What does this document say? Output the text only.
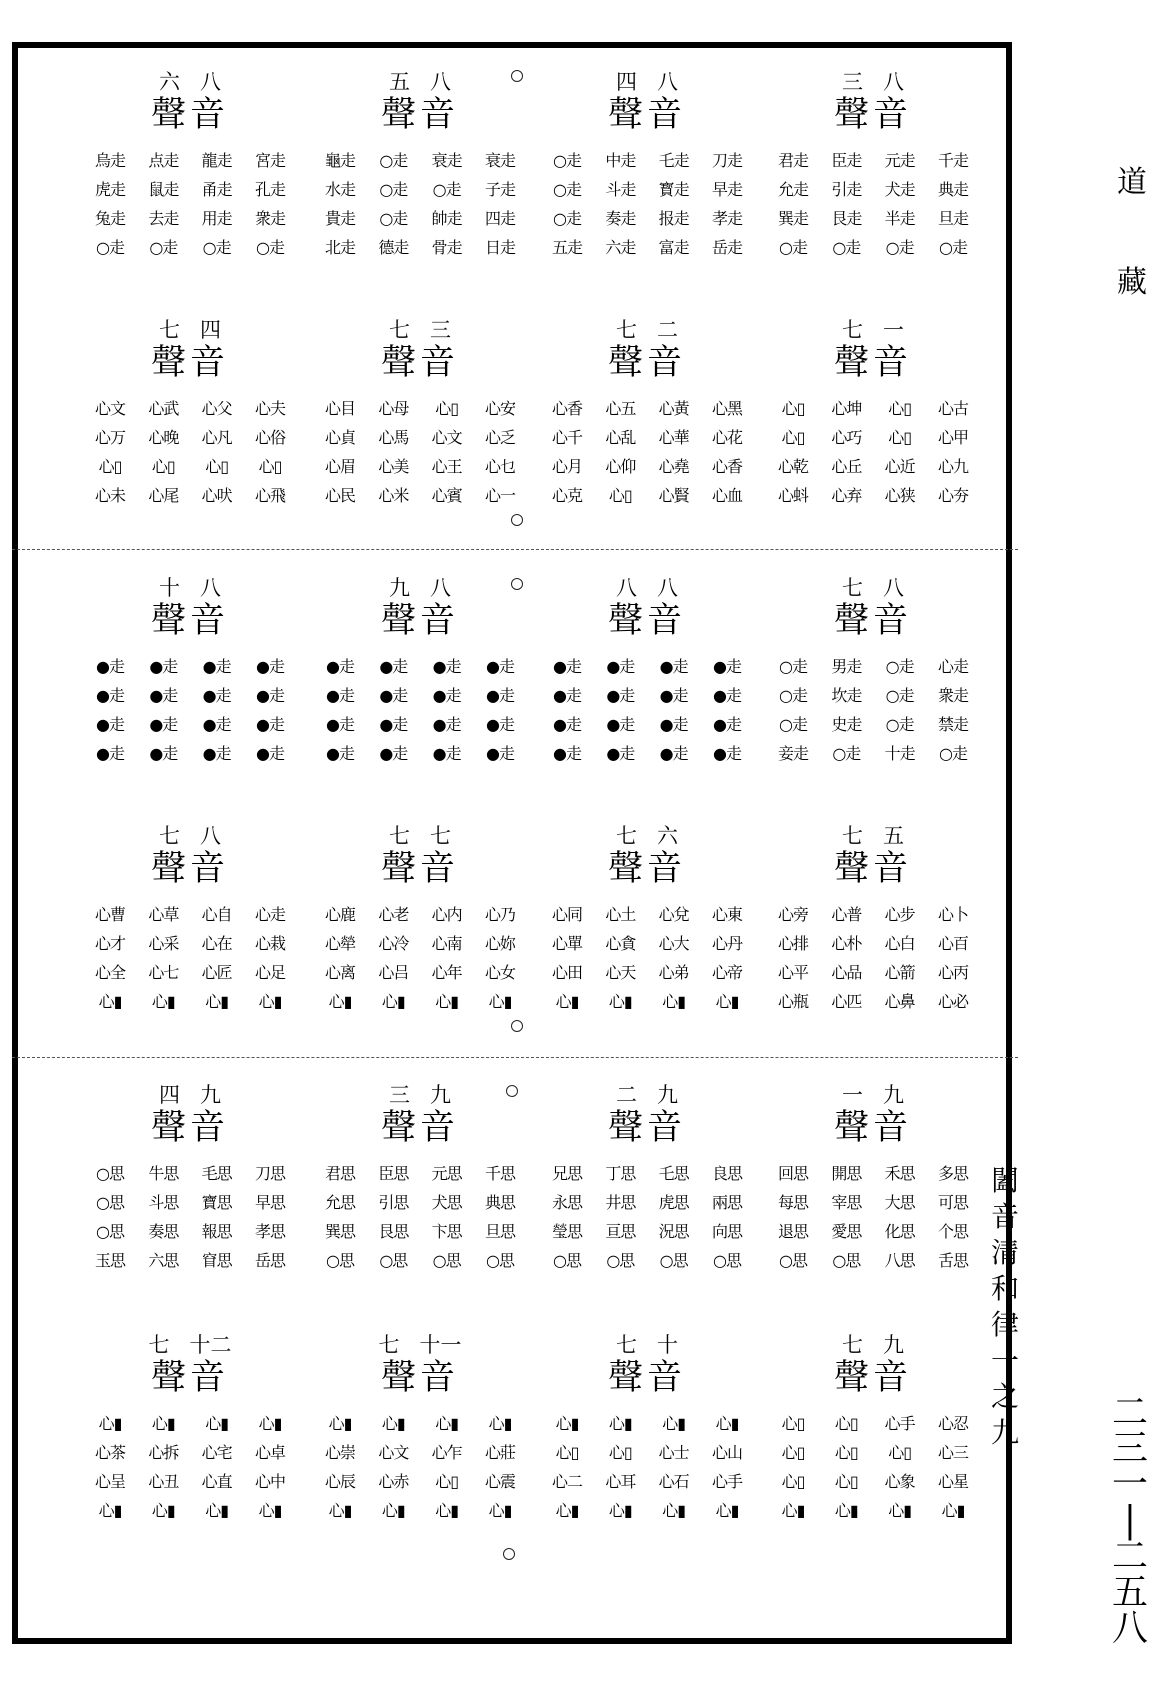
六 八
聲音
烏走	点走	龍走	宮走
虎走	鼠走	甬走	孔走
兔走	去走	用走	衆走
○走	○走	○走	○走
五 八
聲音
龜走	○走	衰走	衰走
水走	○走	○走	子走
貴走	○走	帥走	四走
北走	德走	骨走	日走
四 八
聲音
○走	中走	乇走	刀走
○走	斗走	寳走	早走
○走	奏走	报走	孝走
五走	六走	富走	岳走
三 八
聲音
君走	臣走	元走	千走
允走	引走	犬走	典走
巽走	艮走	半走	旦走
○走	○走	○走	○走
七 四
聲音
心文	心武	心父	心夫
心万	心晚	心凡	心俗
心▯	心▯	心▯	心▯
心未	心尾	心吠	心飛
七 三
聲音
心目	心母	心▯	心安
心貞	心馬	心文	心乏
心眉	心美	心王	心乜
心民	心米	心賓	心一
七 二
聲音
心香	心五	心黃	心黑
心千	心乱	心華	心花
心月	心仰	心堯	心香
心克	心▯	心賢	心血
七 一
聲音
心▯	心坤	心▯	心古
心▯	心巧	心▯	心甲
心乾	心丘	心近	心九
心蚪	心弃	心狭	心夯
十 八
聲音
●走	●走	●走	●走
●走	●走	●走	●走
●走	●走	●走	●走
●走	●走	●走	●走
九 八
聲音
●走	●走	●走	●走
●走	●走	●走	●走
●走	●走	●走	●走
●走	●走	●走	●走
八 八
聲音
●走	●走	●走	●走
●走	●走	●走	●走
●走	●走	●走	●走
●走	●走	●走	●走
七 八
聲音
○走	男走	○走	心走
○走	坎走	○走	衆走
○走	史走	○走	禁走
妾走	○走	十走	○走
七 八
聲音
心曹	心草	心自	心走
心才	心采	心在	心栽
心全	心七	心匠	心足
心▮	心▮	心▮	心▮
七 七
聲音
心鹿	心老	心内	心乃
心犖	心冷	心南	心妳
心离	心吕	心年	心女
心▮	心▮	心▮	心▮
七 六
聲音
心同	心土	心兌	心東
心單	心貪	心大	心丹
心田	心天	心弟	心帝
心▮	心▮	心▮	心▮
七 五
聲音
心旁	心普	心步	心卜
心排	心朴	心白	心百
心平	心品	心箭	心丙
心瓶	心匹	心鼻	心必
四 九
聲音
○思	牛思	毛思	刀思
○思	斗思	寶思	早思
○思	奏思	報思	孝思
玉思	六思	窅思	岳思
三 九
聲音
君思	臣思	元思	千思
允思	引思	犬思	典思
巽思	艮思	卞思	旦思
○思	○思	○思	○思
二 九
聲音
兄思	丁思	乇思	良思
永思	井思	虎思	兩思
瑩思	亘思	況思	向思
○思	○思	○思	○思
一 九
聲音
回思	開思	禾思	多思
每思	宰思	大思	可思
退思	愛思	化思	个思
○思	○思	八思	舌思
七 十二
聲音
心▮	心▮	心▮	心▮
心茶	心拆	心宅	心卓
心呈	心丑	心直	心中
心▮	心▮	心▮	心▮
七 十一
聲音
心▮	心▮	心▮	心▮
心崇	心文	心乍	心莊
心辰	心赤	心▯	心震
心▮	心▮	心▮	心▮
七 十
聲音
心▮	心▮	心▮	心▮
心▯	心▯	心士	心山
心二	心耳	心石	心手
心▮	心▮	心▮	心▮
七 九
聲音
心▯	心▯	心手	心忍
心▯	心▯	心▯	心三
心▯	心▯	心象	心星
心▮	心▮	心▮	心▮
闔
音
清
和
律
一
之
九
道
藏
二
三
一
|
二
五
八
